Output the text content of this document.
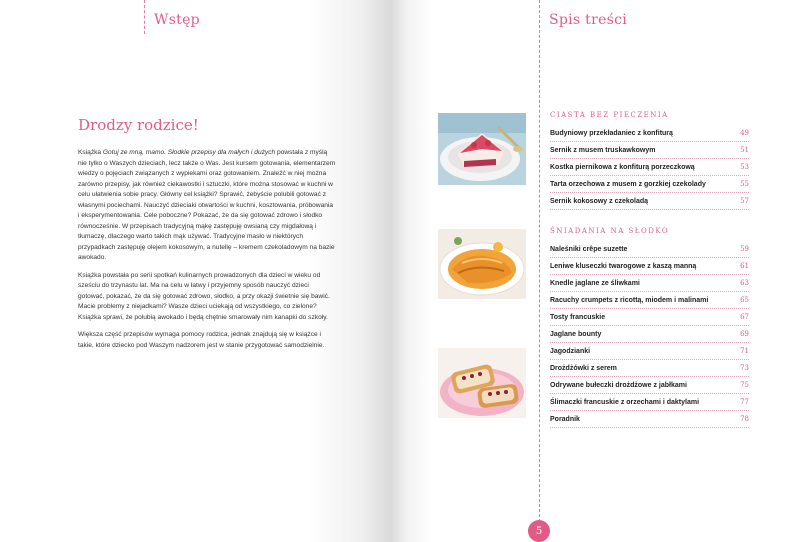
Wstęp
Drodzy rodzice!

Książka Gotuj ze mną, mamo. Słodkie przepisy dla małych i dużych powstała z myślą nie tylko o Waszych dzieciach, lecz także o Was. Jest kursem gotowania, elementarzem wiedzy o pojęciach związanych z wypiekami oraz gotowaniem. Znaleźć w niej można zarówno przepisy, jak również ciekawostki i sztuczki, które można stosować w kuchni w celu ułatwienia sobie pracy. Główny cel książki? Sprawić, żebyście polubili gotować z własnymi pociechami. Nauczyć dzieciaki otwartości w kuchni, kosztowania, próbowania i eksperymentowania. Cele poboczne? Pokazać, że da się gotować zdrowo i słodko równocześnie. W przepisach tradycyjną mąkę zastępuję owsianą czy migdałową i tłumaczę, dlaczego warto takich mąk używać. Tradycyjne masło w niektórych przypadkach zastępuję olejem kokosowym, a nutellę – kremem czekoladowym na bazie awokado.

Książka powstała po serii spotkań kulinarnych prowadzonych dla dzieci w wieku od sześciu do trzynastu lat. Ma na celu w łatwy i przyjemny sposób nauczyć dzieci gotować, pokazać, że da się gotować zdrowo, słodko, a przy okazji świetnie się bawić. Macie problemy z niejadkami? Wasze dzieci uciekają od wszystkiego, co zielone? Książka sprawi, że polubią awokado i będą chętnie smarowały nim kanapki do szkoły.

Większa część przepisów wymaga pomocy rodzica, jednak znajdują się w książce i takie, które dziecko pod Waszym nadzorem jest w stanie przygotować samodzielnie.

Spis treści
CIASTA BEZ PIECZENIA
Budyniowy przekładaniec z konfiturą	49
Sernik z musem truskawkowym	51
Kostka piernikowa z konfiturą porzeczkową	53
Tarta orzechowa z musem z gorzkiej czekolady	55
Sernik kokosowy z czekoladą	57
ŚNIADANIA NA SŁODKO
Naleśniki crêpe suzette	59
Leniwe kluseczki twarogowe z kaszą manną	61
Knedle jaglane ze śliwkami	63
Racuchy crumpets z ricottą, miodem i malinami	65
Tosty francuskie	67
Jaglane bounty	69
Jagodzianki	71
Drożdżówki z serem	73
Odrywane bułeczki drożdżowe z jabłkami	75
Ślimaczki francuskie z orzechami i daktylami	77
Poradnik	78
5
